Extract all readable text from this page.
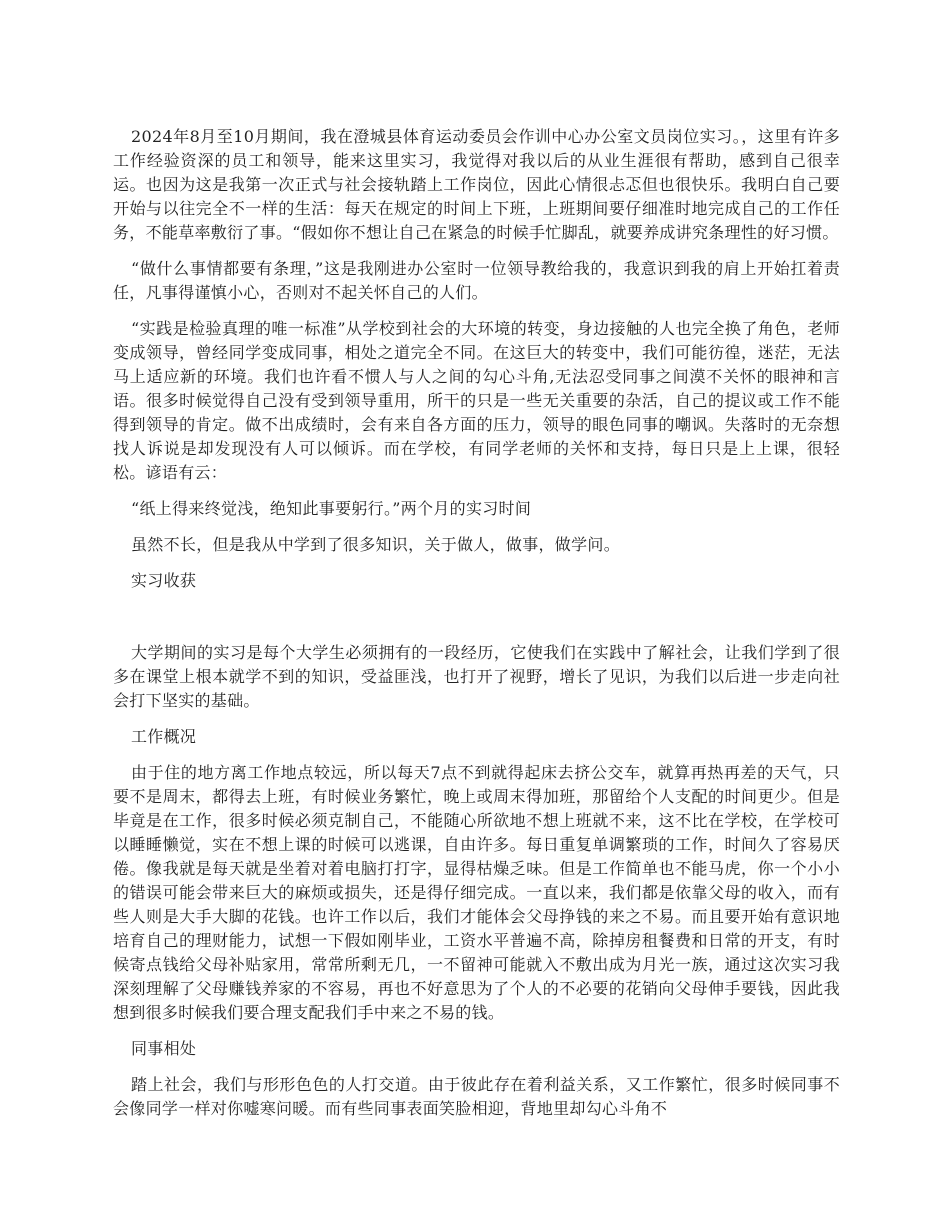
2024年8月至10月期间，我在澄城县体育运动委员会作训中心办公室文员岗位实习。，这里有许多工作经验资深的员工和领导，能来这里实习，我觉得对我以后的从业生涯很有帮助，感到自己很幸运。也因为这是我第一次正式与社会接轨踏上工作岗位，因此心情很忐忑但也很快乐。我明白自己要开始与以往完全不一样的生活：每天在规定的时间上下班，上班期间要仔细准时地完成自己的工作任务，不能草率敷衍了事。“假如你不想让自己在紧急的时候手忙脚乱，就要养成讲究条理性的好习惯。

“做什么事情都要有条理，”这是我刚进办公室时一位领导教给我的，我意识到我的肩上开始扛着责任，凡事得谨慎小心，否则对不起关怀自己的人们。

“实践是检验真理的唯一标准”从学校到社会的大环境的转变，身边接触的人也完全换了角色，老师变成领导，曾经同学变成同事，相处之道完全不同。在这巨大的转变中，我们可能彷徨，迷茫，无法马上适应新的环境。我们也许看不惯人与人之间的勾心斗角,无法忍受同事之间漠不关怀的眼神和言语。很多时候觉得自己没有受到领导重用，所干的只是一些无关重要的杂活，自己的提议或工作不能得到领导的肯定。做不出成绩时，会有来自各方面的压力，领导的眼色同事的嘲讽。失落时的无奈想找人诉说是却发现没有人可以倾诉。而在学校，有同学老师的关怀和支持，每日只是上上课，很轻松。谚语有云：

“纸上得来终觉浅，绝知此事要躬行。”两个月的实习时间

虽然不长，但是我从中学到了很多知识，关于做人，做事，做学问。

实习收获

大学期间的实习是每个大学生必须拥有的一段经历，它使我们在实践中了解社会，让我们学到了很多在课堂上根本就学不到的知识，受益匪浅，也打开了视野，增长了见识，为我们以后进一步走向社会打下坚实的基础。

工作概况

由于住的地方离工作地点较远，所以每天7点不到就得起床去挤公交车，就算再热再差的天气，只要不是周末，都得去上班，有时候业务繁忙，晚上或周末得加班，那留给个人支配的时间更少。但是毕竟是在工作，很多时候必须克制自己，不能随心所欲地不想上班就不来，这不比在学校，在学校可以睡睡懒觉，实在不想上课的时候可以逃课，自由许多。每日重复单调繁琐的工作，时间久了容易厌倦。像我就是每天就是坐着对着电脑打打字，显得枯燥乏味。但是工作简单也不能马虎，你一个小小的错误可能会带来巨大的麻烦或损失，还是得仔细完成。一直以来，我们都是依靠父母的收入，而有些人则是大手大脚的花钱。也许工作以后，我们才能体会父母挣钱的来之不易。而且要开始有意识地培育自己的理财能力，试想一下假如刚毕业，工资水平普遍不高，除掉房租餐费和日常的开支，有时候寄点钱给父母补贴家用，常常所剩无几，一不留神可能就入不敷出成为月光一族，通过这次实习我深刻理解了父母赚钱养家的不容易，再也不好意思为了个人的不必要的花销向父母伸手要钱，因此我想到很多时候我们要合理支配我们手中来之不易的钱。

同事相处

踏上社会，我们与形形色色的人打交道。由于彼此存在着利益关系，又工作繁忙，很多时候同事不会像同学一样对你嘘寒问暖。而有些同事表面笑脸相迎，背地里却勾心斗角不
